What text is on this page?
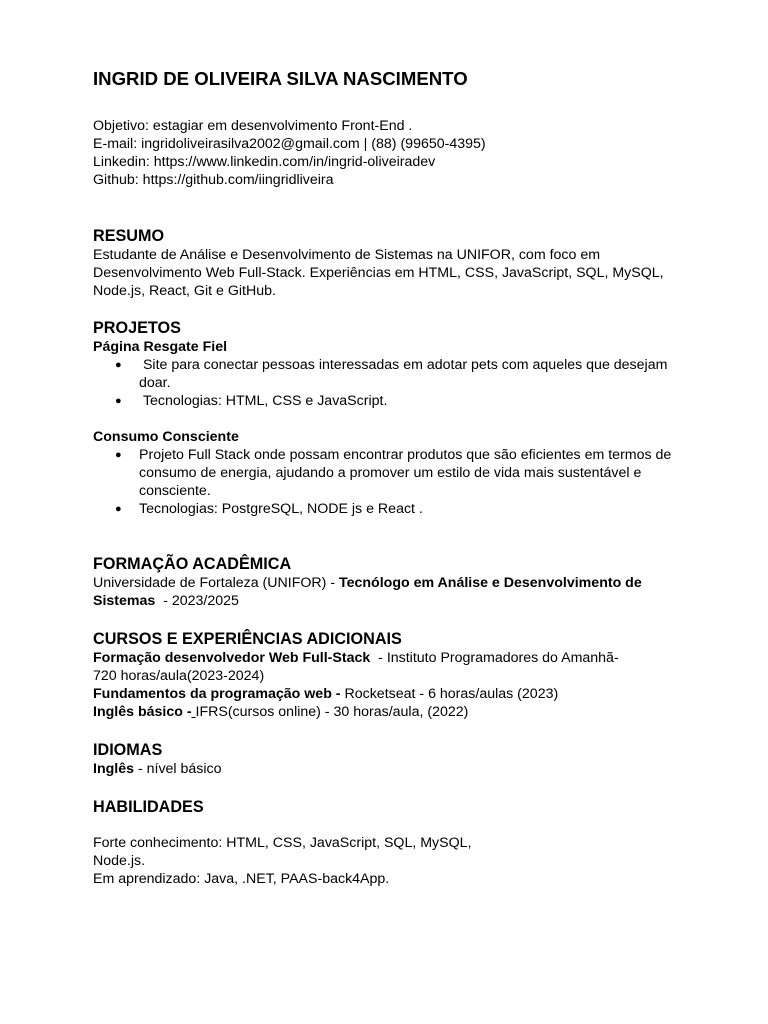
INGRID DE OLIVEIRA SILVA NASCIMENTO
Objetivo: estagiar em desenvolvimento Front-End .
E-mail: ingridoliveirasilva2002@gmail.com | (88) (99650-4395)
Linkedin: https://www.linkedin.com/in/ingrid-oliveiradev
Github: https://github.com/iingridliveira
RESUMO
Estudante de Análise e Desenvolvimento de Sistemas na UNIFOR, com foco em Desenvolvimento Web Full-Stack. Experiências em HTML, CSS, JavaScript, SQL, MySQL, Node.js, React, Git e GitHub.
PROJETOS
Página Resgate Fiel
● Site para conectar pessoas interessadas em adotar pets com aqueles que desejam doar.
● Tecnologias: HTML, CSS e JavaScript.
Consumo Consciente
● Projeto Full Stack onde possam encontrar produtos que são eficientes em termos de consumo de energia, ajudando a promover um estilo de vida mais sustentável e consciente.
● Tecnologias: PostgreSQL, NODE js e React .
FORMAÇÃO ACADÊMICA
Universidade de Fortaleza (UNIFOR) - Tecnólogo em Análise e Desenvolvimento de Sistemas  - 2023/2025
CURSOS E EXPERIÊNCIAS ADICIONAIS
Formação desenvolvedor Web Full-Stack  - Instituto Programadores do Amanhã-
720 horas/aula(2023-2024)
Fundamentos da programação web - Rocketseat - 6 horas/aulas (2023)
Inglês básico - IFRS(cursos online) - 30 horas/aula, (2022)
IDIOMAS
Inglês - nível básico
HABILIDADES
Forte conhecimento: HTML, CSS, JavaScript, SQL, MySQL,
Node.js.
Em aprendizado: Java, .NET, PAAS-back4App.
